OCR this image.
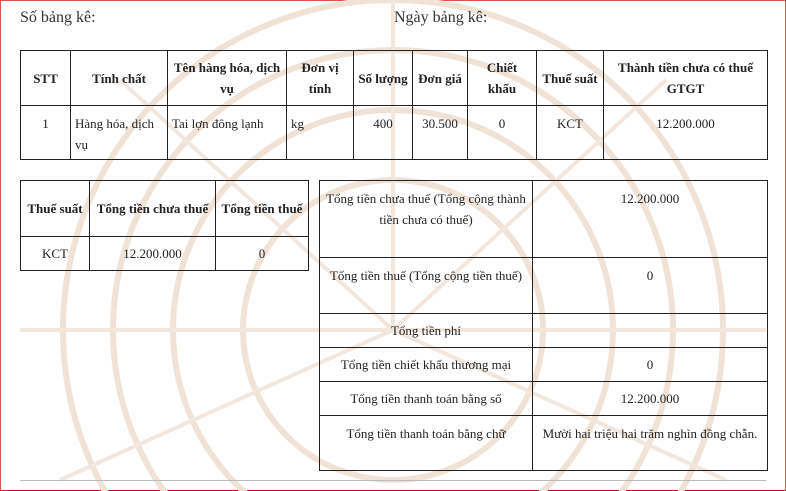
Số bảng kê:	Ngày bảng kê:
STT	Tính chất	Tên hàng hóa, dịch vụ	Đơn vị tính	Số lượng	Đơn giá	Chiết khấu	Thuế suất	Thành tiền chưa có thuế GTGT
1	Hàng hóa, dịch vụ	Tai lợn đông lạnh	kg	400	30.500	0	KCT	12.200.000
Thuế suất	Tổng tiền chưa thuế	Tổng tiền thuế
KCT	12.200.000	0
Tổng tiền chưa thuế (Tổng cộng thành tiền chưa có thuế)	12.200.000
Tổng tiền thuế (Tổng cộng tiền thuế)	0
Tổng tiền phí	
Tổng tiền chiết khấu thương mại	0
Tổng tiền thanh toán bằng số	12.200.000
Tổng tiền thanh toán bằng chữ	Mười hai triệu hai trăm nghìn đồng chẵn.
